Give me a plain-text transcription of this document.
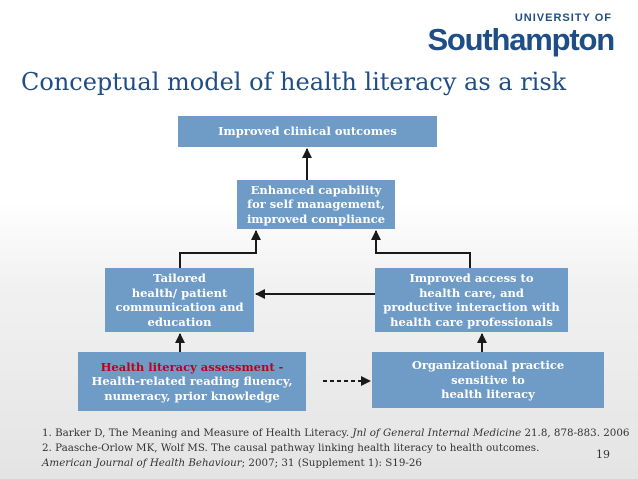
UNIVERSITY OF
Southampton
Conceptual model of health literacy as a risk
Improved clinical outcomes
Enhanced capability
for self management,
improved compliance
Tailored
health/ patient
communication and
education
Improved access to
health care, and
productive interaction with
health care professionals
Health literacy assessment -
Health-related reading fluency,
numeracy, prior knowledge
Organizational practice
sensitive to
health literacy
1. Barker D, The Meaning and Measure of Health Literacy. Jnl of General Internal Medicine 21.8, 878-883. 2006
2. Paasche-Orlow MK, Wolf MS. The causal pathway linking health literacy to health outcomes.
American Journal of Health Behaviour; 2007; 31 (Supplement 1): S19-26
19
